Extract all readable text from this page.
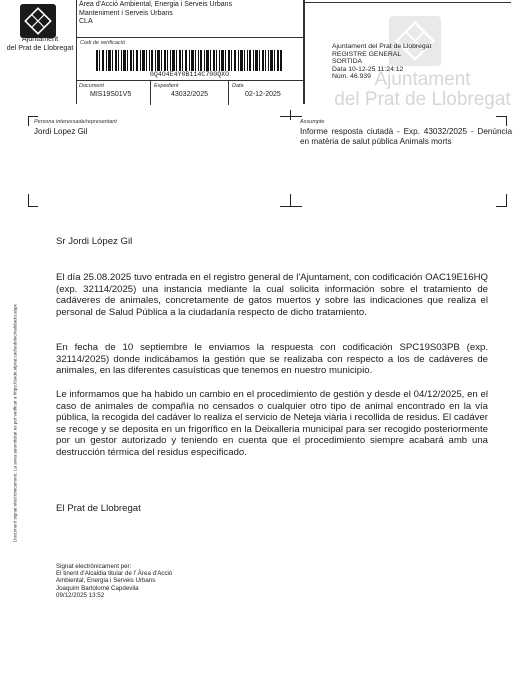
Ajuntament
del Prat de Llobregat
Àrea d'Acció Ambiental, Energia i Serveis Urbans
Manteniment i Serveis Urbans
CLA
Codi de verificació
0Q4O4E4Y0B114C700QXO
Document
MIS19S01V5
Expedient
43032/2025
Data
02-12-2025
Ajuntament
del Prat de Llobregat
Ajuntament del Prat de Llobregat
REGISTRE GENERAL
SORTIDA
Data 10-12-25 11:24:12
Núm. 46.939
Persona interessada/representant
Jordi Lopez Gil
Assumpte
Informe resposta ciutadà - Exp. 43032/2025 - Denúncia en matèria de salut pública Animals morts
Document signat electrònicament. La seva autenticitat es pot verificar a https://sede.elprat.cat/sedelec/validacio.aspx
Sr Jordi López Gil
El día 25.08.2025 tuvo entrada en el registro general de l'Ajuntament, con codificación OAC19E16HQ (exp. 32114/2025) una instancia mediante la cual solicita información sobre el tratamiento de cadáveres de animales, concretamente de gatos muertos y sobre las indicaciones que realiza el personal de Salud Pública a la ciudadanía respecto de dicho tratamiento.
En fecha de 10 septiembre le enviamos la respuesta con codificación SPC19S03PB (exp. 32114/2025) donde indicábamos la gestión que se realizaba con respecto a los de cadáveres de animales, en las diferentes casuísticas que tenemos en nuestro municipio.
Le informamos que ha habido un cambio en el procedimiento de gestión y desde el 04/12/2025, en el caso de animales de compañía no censados o cualquier otro tipo de animal encontrado en la vía pública, la recogida del cadáver lo realiza el servicio de Neteja viària i recollida de residus. El cadáver se recoge y se deposita en un frigorífico en la Deixalleria municipal para ser recogido posteriormente por un gestor autorizado y teniendo en cuenta que el procedimiento siempre acabará amb una destrucción térmica del residus especificado.
El Prat de Llobregat
Signat electrònicament per:
El tinent d'Alcaldia titular de l' Àrea d'Acció
Ambiental, Energia i Serveis Urbans
Joaquim Bartolomé Capdevila
09/12/2025 13:52
